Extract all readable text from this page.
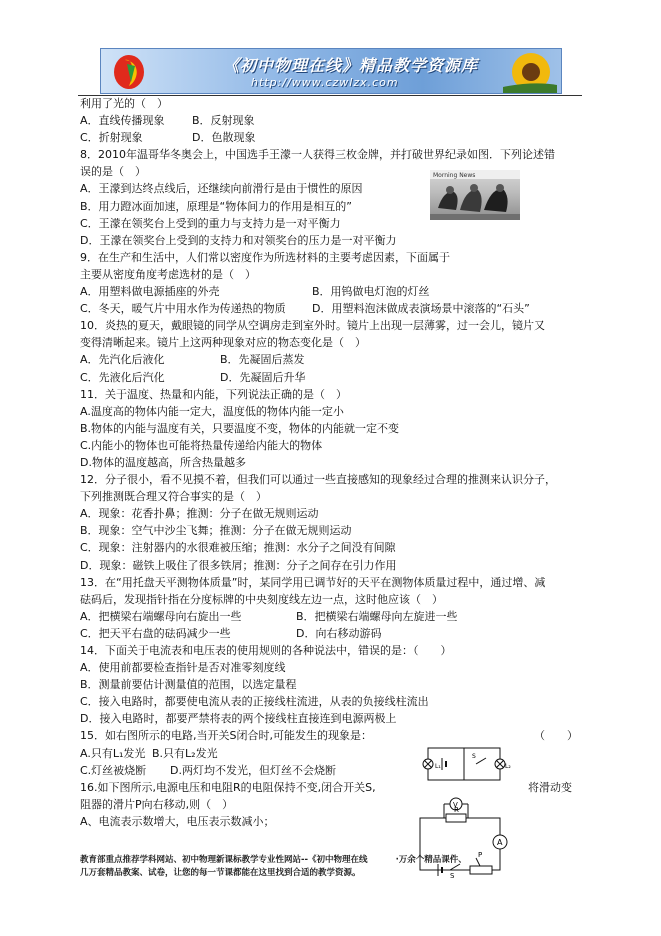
《初中物理在线》精品教学资源库
http://www.czwlzx.com
利用了光的（　）
A．直线传播现象 B．反射现象
C．折射现象	D．色散现象
8．2010年温哥华冬奥会上，中国选手王濛一人获得三枚金牌，并打破世界纪录如图．下列论述错
误的是（　）
A．王濛到达终点线后，还继续向前滑行是由于惯性的原因
B．用力蹬冰面加速，原理是“物体间力的作用是相互的”
C．王濛在领奖台上受到的重力与支持力是一对平衡力
D．王濛在领奖台上受到的支持力和对领奖台的压力是一对平衡力
9．在生产和生活中，人们常以密度作为所选材料的主要考虑因素，下面属于
主要从密度角度考虑选材的是（　）
A．用塑料做电源插座的外壳	B．用钨做电灯泡的灯丝
C．冬天，暖气片中用水作为传递热的物质 D．用塑料泡沫做成表演场景中滚落的“石头”
10．炎热的夏天，戴眼镜的同学从空调房走到室外时。镜片上出现一层薄雾，过一会儿，镜片又
变得清晰起来。镜片上这两种现象对应的物态变化是（　）
A．先汽化后液化	B．先凝固后蒸发
C．先液化后汽化	D．先凝固后升华
11．关于温度、热量和内能，下列说法正确的是（　）
A.温度高的物体内能一定大，温度低的物体内能一定小
B.物体的内能与温度有关，只要温度不变，物体的内能就一定不变
C.内能小的物体也可能将热量传递给内能大的物体
D.物体的温度越高，所含热量越多
12．分子很小，看不见摸不着，但我们可以通过一些直接感知的现象经过合理的推测来认识分子，
下列推测既合理又符合事实的是（　）
A．现象：花香扑鼻；推测：分子在做无规则运动
B．现象：空气中沙尘飞舞；推测：分子在做无规则运动
C．现象：注射器内的水很难被压缩；推测：水分子之间没有间隙
D．现象：磁铁上吸住了很多铁屑；推测：分子之间存在引力作用
13．在“用托盘天平测物体质量”时，某同学用已调节好的天平在测物体质量过程中，通过增、减
砝码后，发现指针指在分度标牌的中央刻度线左边一点，这时他应该（　）
A．把横梁右端螺母向右旋出一些	B．把横梁右端螺母向左旋进一些
C．把天平右盘的砝码减少一些	D．向右移动游码
14．下面关于电流表和电压表的使用规则的各种说法中，错误的是：（　　）
A．使用前都要检查指针是否对准零刻度线
B．测量前要估计测量值的范围，以选定量程
C．接入电路时，都要使电流从表的正接线柱流进，从表的负接线柱流出
D．接入电路时，都要严禁将表的两个接线柱直接连到电源两极上
15．如右图所示的电路,当开关S闭合时,可能发生的现象是：	（　　）
A.只有L₁发光 B.只有L₂发光
C.灯丝被烧断 D.两灯均不发光，但灯丝不会烧断
16.如下图所示,电源电压和电阻R的电阻保持不变,闭合开关S,	将滑动变
阻器的滑片P向右移动,则（　）
A、电流表示数增大，电压表示数减小；
Morning News
L₁	L₂
S
V
R
A
P
S
教育部重点推荐学科网站、初中物理新课标教学专业性网站--《初中物理在线	·万余个精品课件、
几万套精品教案、试卷，让您的每一节课都能在这里找到合适的教学资源。
